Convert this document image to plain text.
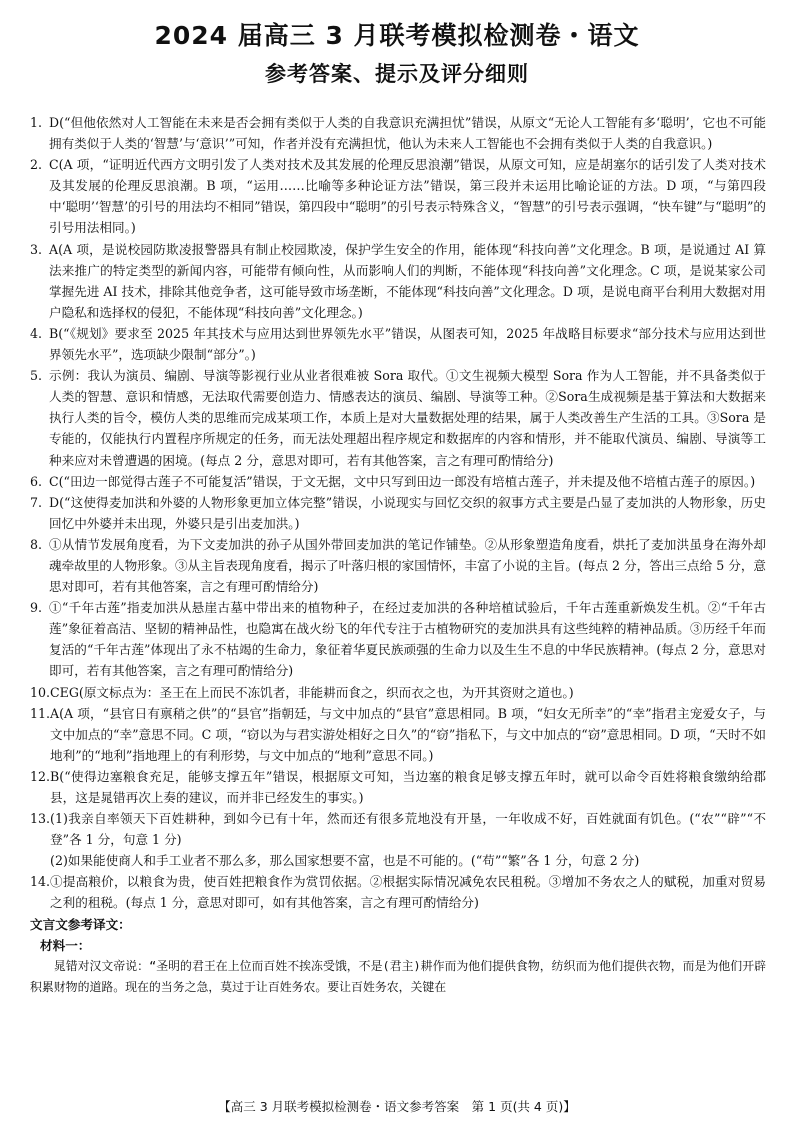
2024 届高三 3 月联考模拟检测卷・语文
参考答案、提示及评分细则
1. D(“但他依然对人工智能在未来是否会拥有类似于人类的自我意识充满担忧”错误，从原文“无论人工智能有多‘聪明’，它也不可能拥有类似于人类的‘智慧’与‘意识’”可知，作者并没有充满担忧，他认为未来人工智能也不会拥有类似于人类的自我意识。)
2. C(A 项，“证明近代西方文明引发了人类对技术及其发展的伦理反思浪潮”错误，从原文可知，应是胡塞尔的话引发了人类对技术及其发展的伦理反思浪潮。B 项，“运用……比喻等多种论证方法”错误，第三段并未运用比喻论证的方法。D 项，“与第四段中‘聪明’‘智慧’的引号的用法均不相同”错误，第四段中“聪明”的引号表示特殊含义，“智慧”的引号表示强调，“快车键”与“聪明”的引号用法相同。)
3. A(A 项，是说校园防欺凌报警器具有制止校园欺凌，保护学生安全的作用，能体现“科技向善”文化理念。B 项，是说通过 AI 算法来推广的特定类型的新闻内容，可能带有倾向性，从而影响人们的判断，不能体现“科技向善”文化理念。C 项，是说某家公司掌握先进 AI 技术，排除其他竞争者，这可能导致市场垄断，不能体现“科技向善”文化理念。D 项，是说电商平台利用大数据对用户隐私和选择权的侵犯，不能体现“科技向善”文化理念。)
4. B(“《规划》要求至 2025 年其技术与应用达到世界领先水平”错误，从图表可知，2025 年战略目标要求“部分技术与应用达到世界领先水平”，选项缺少限制“部分”。)
5. 示例：我认为演员、编剧、导演等影视行业从业者很难被 Sora 取代。①文生视频大模型 Sora 作为人工智能，并不具备类似于人类的智慧、意识和情感，无法取代需要创造力、情感表达的演员、编剧、导演等工种。②Sora生成视频是基于算法和大数据来执行人类的旨令，模仿人类的思维而完成某项工作，本质上是对大量数据处理的结果，属于人类改善生产生活的工具。③Sora 是专能的，仅能执行内置程序所规定的任务，而无法处理超出程序规定和数据库的内容和情形，并不能取代演员、编剧、导演等工种来应对未曾遭遇的困境。(每点 2 分，意思对即可，若有其他答案，言之有理可酌情给分)
6. C(“田边一郎觉得古莲子不可能复活”错误，于文无据，文中只写到田边一郎没有培植古莲子，并未提及他不培植古莲子的原因。)
7. D(“这使得麦加洪和外婆的人物形象更加立体完整”错误，小说现实与回忆交织的叙事方式主要是凸显了麦加洪的人物形象，历史回忆中外婆并未出现，外婆只是引出麦加洪。)
8. ①从情节发展角度看，为下文麦加洪的孙子从国外带回麦加洪的笔记作铺垫。②从形象塑造角度看，烘托了麦加洪虽身在海外却魂牵故里的人物形象。③从主旨表现角度看，揭示了叶落归根的家国情怀，丰富了小说的主旨。(每点 2 分，答出三点给 5 分，意思对即可，若有其他答案，言之有理可酌情给分)
9. ①“千年古莲”指麦加洪从悬崖古墓中带出来的植物种子，在经过麦加洪的各种培植试验后，千年古莲重新焕发生机。②“千年古莲”象征着高洁、坚韧的精神品性，也隐寓在战火纷飞的年代专注于古植物研究的麦加洪具有这些纯粹的精神品质。③历经千年而复活的“千年古莲”体现出了永不枯竭的生命力，象征着华夏民族顽强的生命力以及生生不息的中华民族精神。(每点 2 分，意思对即可，若有其他答案，言之有理可酌情给分)
10. CEG(原文标点为：圣王在上而民不冻饥者，非能耕而食之，织而衣之也，为开其资财之道也。)
11. A(A 项，“县官日有禀稍之供”的“县官”指朝廷，与文中加点的“县官”意思相同。B 项，“妇女无所幸”的“幸”指君主宠爱女子，与文中加点的“幸”意思不同。C 项，“窃以为与君实游处相好之日久”的“窃”指私下，与文中加点的“窃”意思相同。D 项，“天时不如地利”的“地利”指地理上的有利形势，与文中加点的“地利”意思不同。)
12. B(“使得边塞粮食充足，能够支撑五年”错误，根据原文可知，当边塞的粮食足够支撑五年时，就可以命令百姓将粮食缴纳给郡县，这是晁错再次上奏的建议，而并非已经发生的事实。)
13. (1)我亲自率领天下百姓耕种，到如今已有十年，然而还有很多荒地没有开垦，一年收成不好，百姓就面有饥色。(“农”“辟”“不登”各 1 分，句意 1 分)
(2)如果能使商人和手工业者不那么多，那么国家想要不富，也是不可能的。(“苟”“繁”各 1 分，句意 2 分)
14. ①提高粮价，以粮食为贵，使百姓把粮食作为赏罚依据。②根据实际情况减免农民租税。③增加不务农之人的赋税，加重对贸易之利的租税。(每点 1 分，意思对即可，如有其他答案，言之有理可酌情给分)
文言文参考译文：
材料一：
晁错对汉文帝说：“圣明的君王在上位而百姓不挨冻受饿，不是(君主)耕作而为他们提供食物，纺织而为他们提供衣物，而是为他们开辟积累财物的道路。现在的当务之急，莫过于让百姓务农。要让百姓务农，关键在
【高三 3 月联考模拟检测卷・语文参考答案　第 1 页(共 4 页)】
